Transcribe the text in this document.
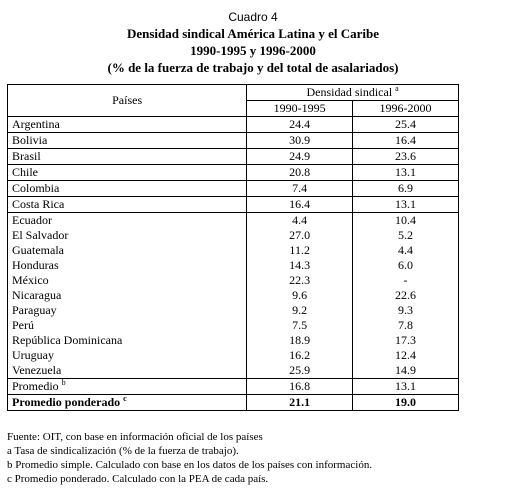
Cuadro 4
Densidad sindical América Latina y el Caribe
1990-1995 y 1996-2000
(% de la fuerza de trabajo y del total de asalariados)
Países	Densidad sindical $^a$
	1990-1995	1996-2000
Argentina	24.4	25.4
Bolivia	30.9	16.4
Brasil	24.9	23.6
Chile	20.8	13.1
Colombia	7.4	6.9
Costa Rica	16.4	13.1
Ecuador	4.4	10.4
El Salvador	27.0	5.2
Guatemala	11.2	4.4
Honduras	14.3	6.0
México	22.3	-
Nicaragua	9.6	22.6
Paraguay	9.2	9.3
Perú	7.5	7.8
República Dominicana	18.9	17.3
Uruguay	16.2	12.4
Venezuela	25.9	14.9
Promedio $^b$	16.8	13.1
Promedio ponderado $^c$	21.1	19.0
Fuente: OIT, con base en información oficial de los países
a Tasa de sindicalización (% de la fuerza de trabajo).
b Promedio simple. Calculado con base en los datos de los países con información.
c Promedio ponderado. Calculado con la PEA de cada país.
